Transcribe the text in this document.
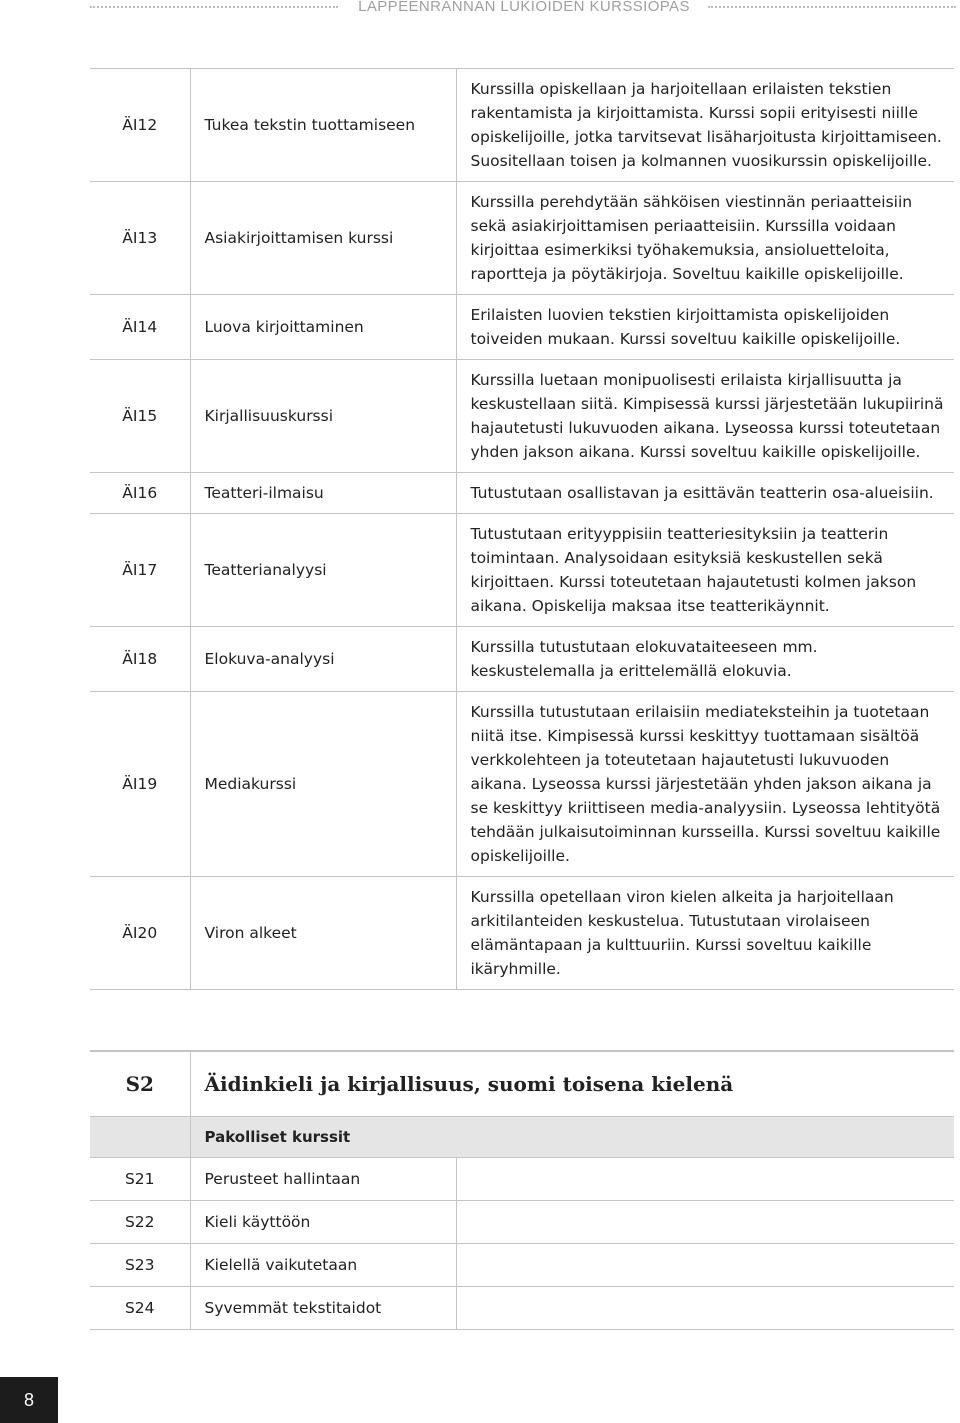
LAPPEENRANNAN LUKIOIDEN KURSSIOPAS
ÄI12	Tukea tekstin tuottamiseen	Kurssilla opiskellaan ja harjoitellaan erilaisten tekstien rakentamista ja kirjoittamista. Kurssi sopii erityisesti niille opiskelijoille, jotka tarvitsevat lisäharjoitusta kirjoittamiseen. Suositellaan toisen ja kolmannen vuosikurssin opiskelijoille.
ÄI13	Asiakirjoittamisen kurssi	Kurssilla perehdytään sähköisen viestinnän periaatteisiin sekä asiakirjoittamisen periaatteisiin. Kurssilla voidaan kirjoittaa esimerkiksi työhakemuksia, ansioluetteloita, raportteja ja pöytäkirjoja. Soveltuu kaikille opiskelijoille.
ÄI14	Luova kirjoittaminen	Erilaisten luovien tekstien kirjoittamista opiskelijoiden toiveiden mukaan. Kurssi soveltuu kaikille opiskelijoille.
ÄI15	Kirjallisuuskurssi	Kurssilla luetaan monipuolisesti erilaista kirjallisuutta ja keskustellaan siitä. Kimpisessä kurssi järjestetään lukupiirinä hajautetusti lukuvuoden aikana. Lyseossa kurssi toteutetaan yhden jakson aikana. Kurssi soveltuu kaikille opiskelijoille.
ÄI16	Teatteri-ilmaisu	Tutustutaan osallistavan ja esittävän teatterin osa-alueisiin.
ÄI17	Teatterianalyysi	Tutustutaan erityyppisiin teatteriesityksiin ja teatterin toimintaan. Analysoidaan esityksiä keskustellen sekä kirjoittaen. Kurssi toteutetaan hajautetusti kolmen jakson aikana. Opiskelija maksaa itse teatterikäynnit.
ÄI18	Elokuva-analyysi	Kurssilla tutustutaan elokuvataiteeseen mm. keskustelemalla ja erittelemällä elokuvia.
ÄI19	Mediakurssi	Kurssilla tutustutaan erilaisiin mediateksteihin ja tuotetaan niitä itse. Kimpisessä kurssi keskittyy tuottamaan sisältöä verkkolehteen ja toteutetaan hajautetusti lukuvuoden aikana. Lyseossa kurssi järjestetään yhden jakson aikana ja se keskittyy kriittiseen media-analyysiin. Lyseossa lehtityötä tehdään julkaisutoiminnan kursseilla. Kurssi soveltuu kaikille opiskelijoille.
ÄI20	Viron alkeet	Kurssilla opetellaan viron kielen alkeita ja harjoitellaan arkitilanteiden keskustelua. Tutustutaan virolaiseen elämäntapaan ja kulttuuriin. Kurssi soveltuu kaikille ikäryhmille.
S2	Äidinkieli ja kirjallisuus, suomi toisena kielenä	
	Pakolliset kurssit	
S21	Perusteet hallintaan	
S22	Kieli käyttöön	
S23	Kielellä vaikutetaan	
S24	Syvemmät tekstitaidot	
8
